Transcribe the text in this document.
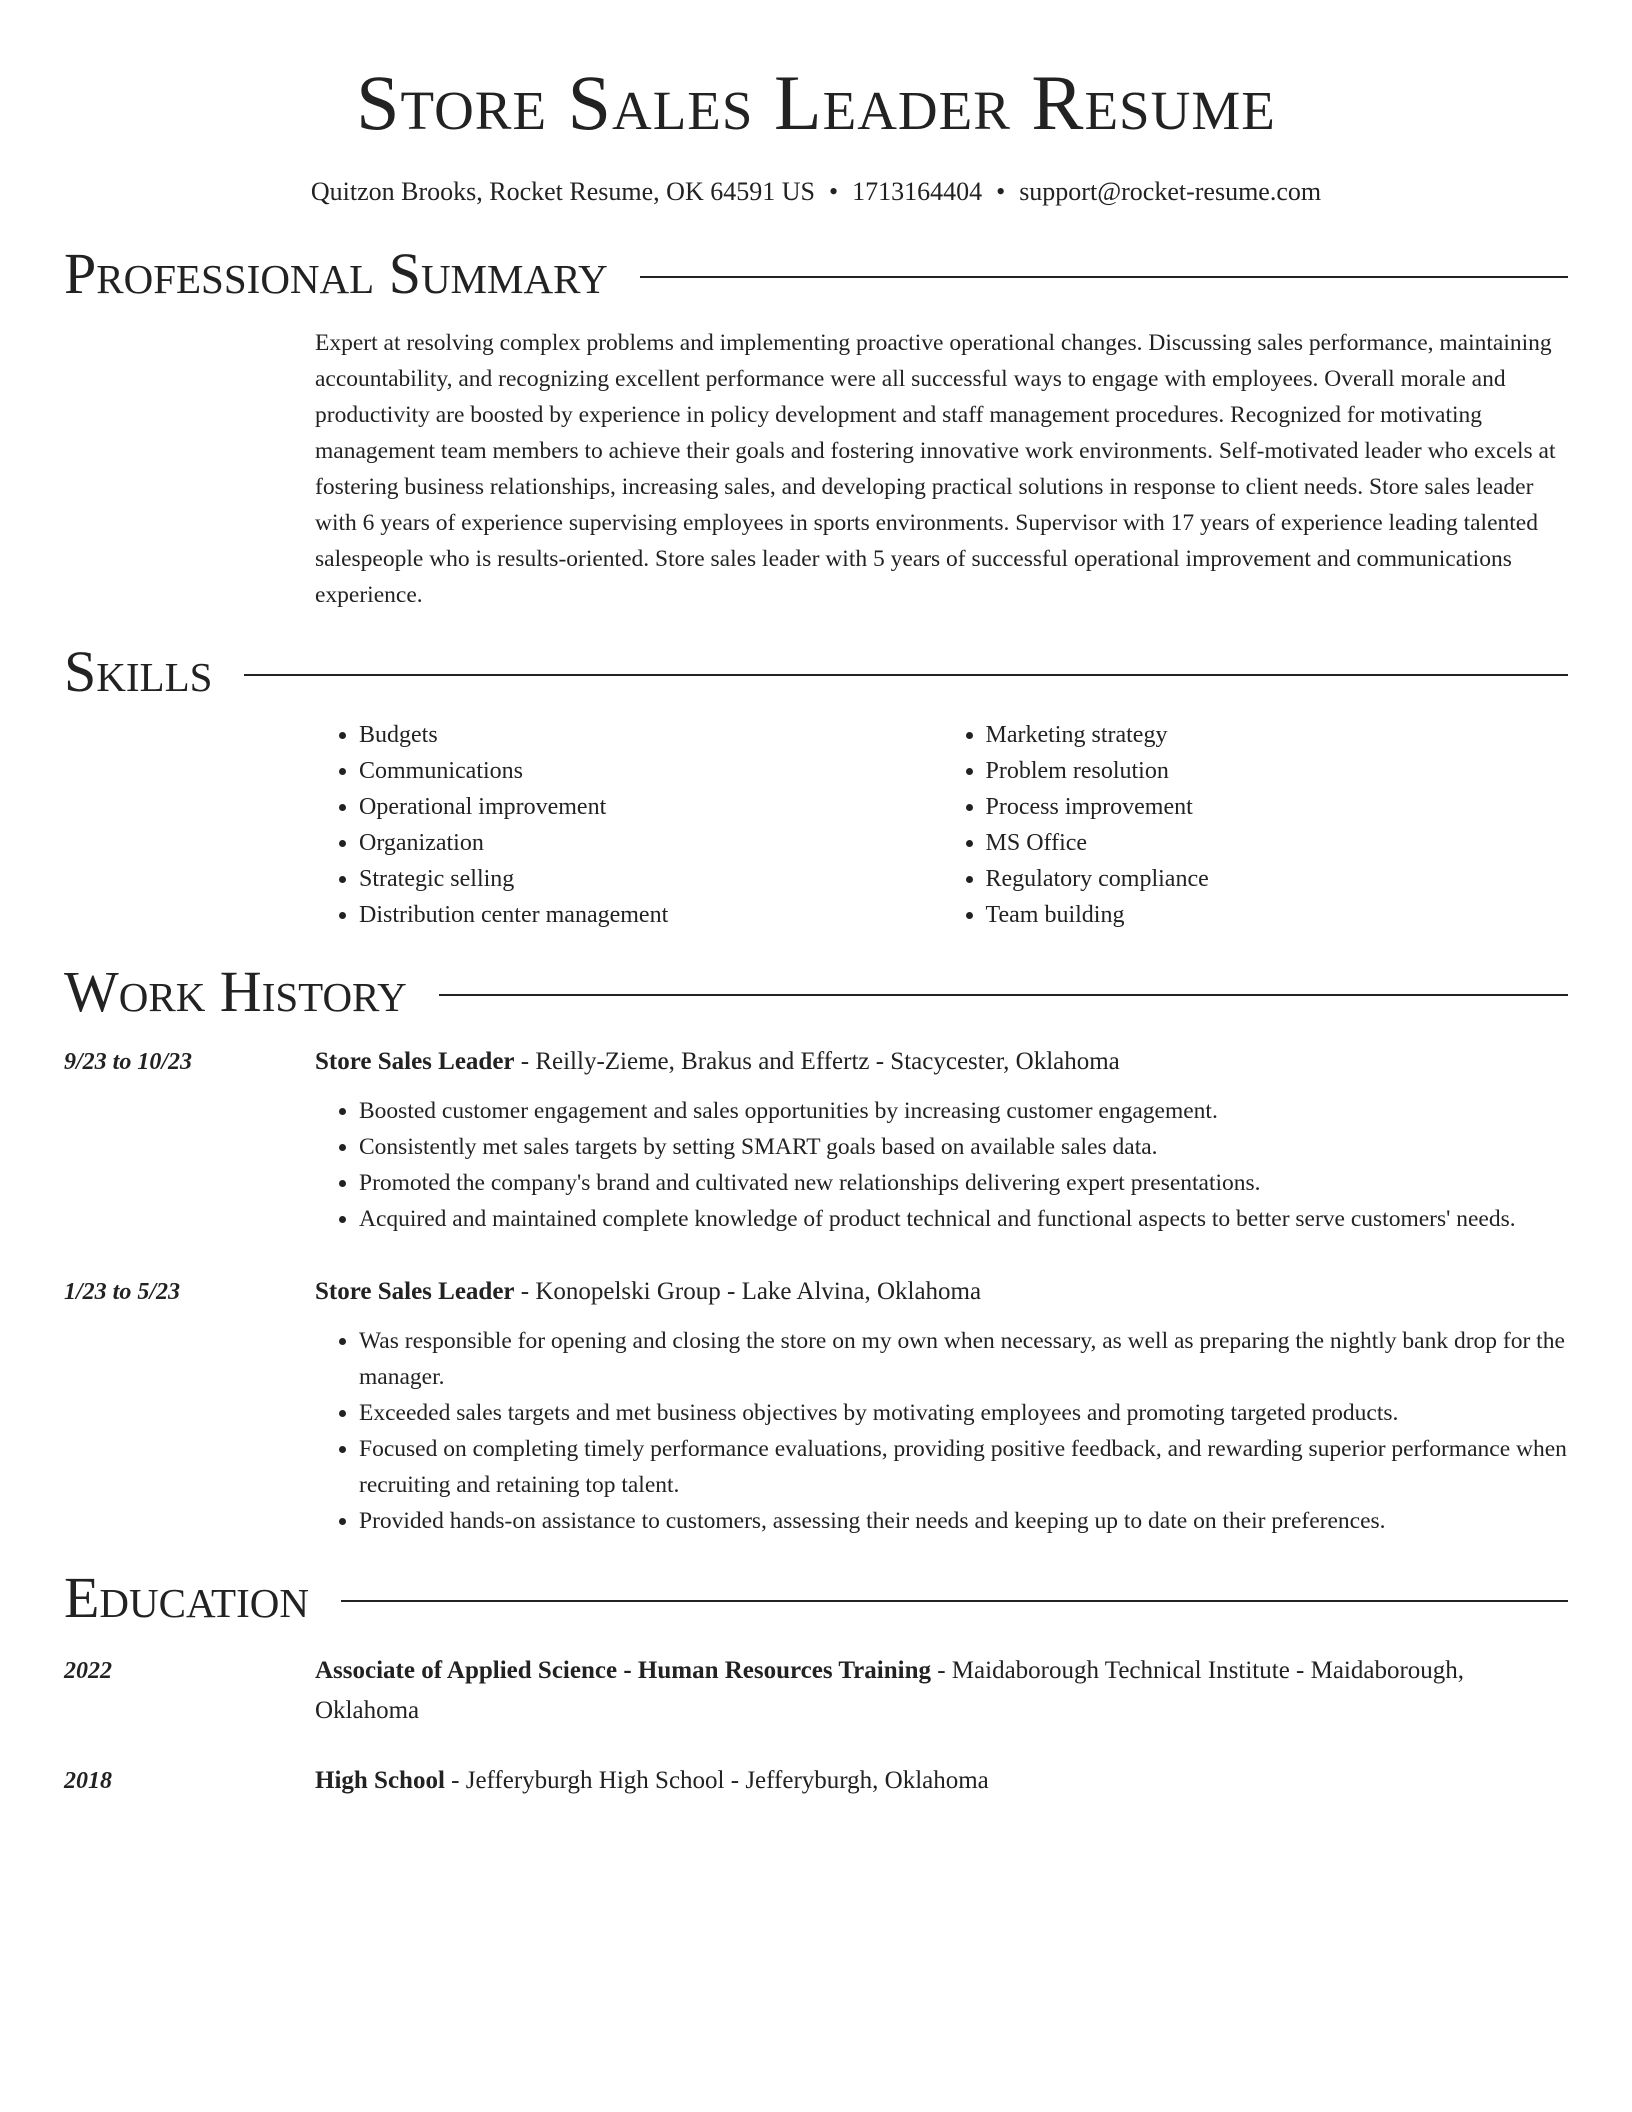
Store Sales Leader Resume
Quitzon Brooks, Rocket Resume, OK 64591 US • 1713164404 • support@rocket-resume.com
Professional Summary
Expert at resolving complex problems and implementing proactive operational changes. Discussing sales performance, maintaining accountability, and recognizing excellent performance were all successful ways to engage with employees. Overall morale and productivity are boosted by experience in policy development and staff management procedures. Recognized for motivating management team members to achieve their goals and fostering innovative work environments. Self-motivated leader who excels at fostering business relationships, increasing sales, and developing practical solutions in response to client needs. Store sales leader with 6 years of experience supervising employees in sports environments. Supervisor with 17 years of experience leading talented salespeople who is results-oriented. Store sales leader with 5 years of successful operational improvement and communications experience.
Skills
• Budgets
• Communications
• Operational improvement
• Organization
• Strategic selling
• Distribution center management
• Marketing strategy
• Problem resolution
• Process improvement
• MS Office
• Regulatory compliance
• Team building
Work History
9/23 to 10/23	Store Sales Leader - Reilly-Zieme, Brakus and Effertz - Stacycester, Oklahoma
• Boosted customer engagement and sales opportunities by increasing customer engagement.
• Consistently met sales targets by setting SMART goals based on available sales data.
• Promoted the company's brand and cultivated new relationships delivering expert presentations.
• Acquired and maintained complete knowledge of product technical and functional aspects to better serve customers' needs.
1/23 to 5/23	Store Sales Leader - Konopelski Group - Lake Alvina, Oklahoma
• Was responsible for opening and closing the store on my own when necessary, as well as preparing the nightly bank drop for the manager.
• Exceeded sales targets and met business objectives by motivating employees and promoting targeted products.
• Focused on completing timely performance evaluations, providing positive feedback, and rewarding superior performance when recruiting and retaining top talent.
• Provided hands-on assistance to customers, assessing their needs and keeping up to date on their preferences.
Education
2022	Associate of Applied Science - Human Resources Training - Maidaborough Technical Institute - Maidaborough, Oklahoma
2018	High School - Jefferyburgh High School - Jefferyburgh, Oklahoma
